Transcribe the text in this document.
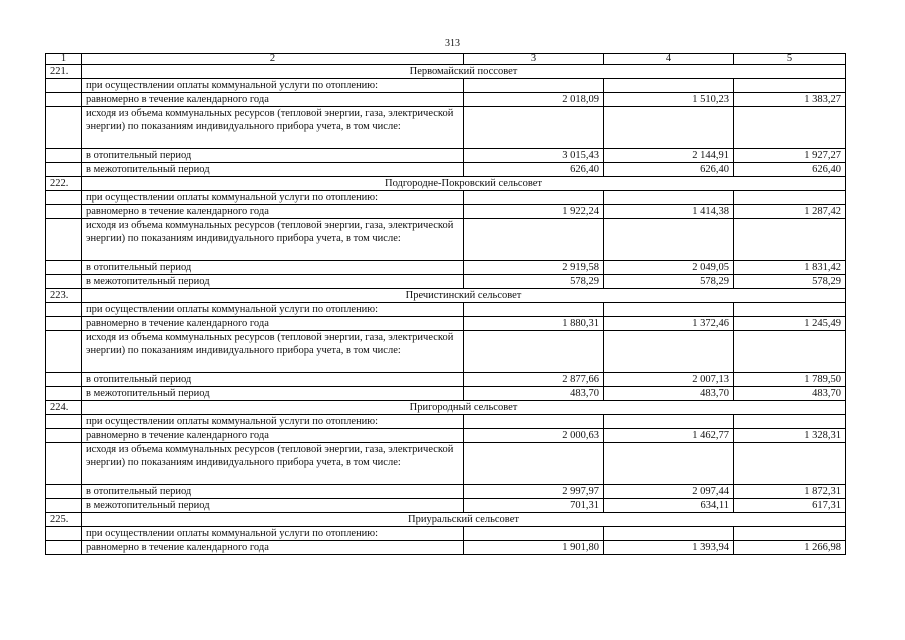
313
1	2	3	4	5
221.	Первомайский поссовет			
	при осуществлении оплаты коммунальной услуги по отоплению:			
	равномерно в течение календарного года	2 018,09	1 510,23	1 383,27
	исходя из объема коммунальных ресурсов (тепловой энергии, газа, электрической энергии) по показаниям индивидуального прибора учета, в том числе:			
	в отопительный период	3 015,43	2 144,91	1 927,27
	в межотопительный период	626,40	626,40	626,40
222.	Подгородне-Покровский сельсовет			
	при осуществлении оплаты коммунальной услуги по отоплению:			
	равномерно в течение календарного года	1 922,24	1 414,38	1 287,42
	исходя из объема коммунальных ресурсов (тепловой энергии, газа, электрической энергии) по показаниям индивидуального прибора учета, в том числе:			
	в отопительный период	2 919,58	2 049,05	1 831,42
	в межотопительный период	578,29	578,29	578,29
223.	Пречистинский сельсовет			
	при осуществлении оплаты коммунальной услуги по отоплению:			
	равномерно в течение календарного года	1 880,31	1 372,46	1 245,49
	исходя из объема коммунальных ресурсов (тепловой энергии, газа, электрической энергии) по показаниям индивидуального прибора учета, в том числе:			
	в отопительный период	2 877,66	2 007,13	1 789,50
	в межотопительный период	483,70	483,70	483,70
224.	Пригородный сельсовет			
	при осуществлении оплаты коммунальной услуги по отоплению:			
	равномерно в течение календарного года	2 000,63	1 462,77	1 328,31
	исходя из объема коммунальных ресурсов (тепловой энергии, газа, электрической энергии) по показаниям индивидуального прибора учета, в том числе:			
	в отопительный период	2 997,97	2 097,44	1 872,31
	в межотопительный период	701,31	634,11	617,31
225.	Приуральский сельсовет			
	при осуществлении оплаты коммунальной услуги по отоплению:			
	равномерно в течение календарного года	1 901,80	1 393,94	1 266,98
